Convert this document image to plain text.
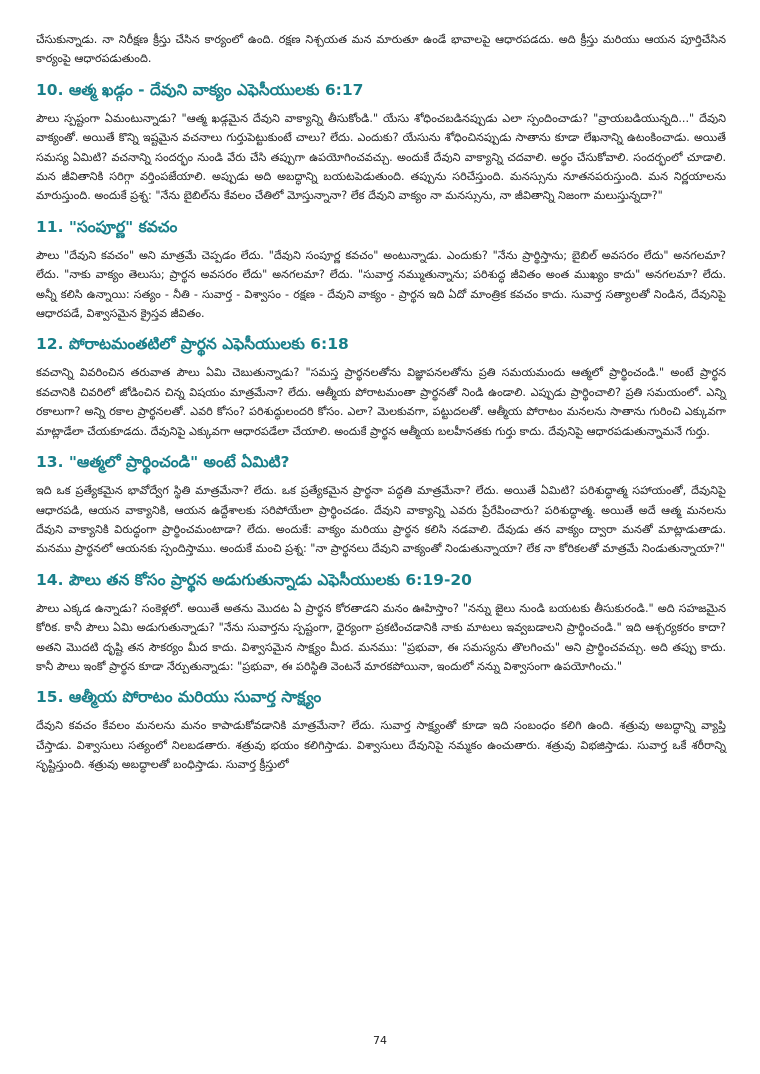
చేసుకున్నాడు. నా నిరీక్షణ క్రీస్తు చేసిన కార్యంలో ఉంది. రక్షణ నిశ్చయత మన మారుతూ ఉండే భావాలపై ఆధారపడదు. అది క్రీస్తు మరియు ఆయన పూర్తిచేసిన కార్యంపై ఆధారపడుతుంది.

10. ఆత్మ ఖడ్గం - దేవుని వాక్యం ఎఫెసీయులకు 6:17

పౌలు స్పష్టంగా ఏమంటున్నాడు? "ఆత్మ ఖడ్గమైన దేవుని వాక్యాన్ని తీసుకోండి." యేసు శోధించబడినప్పుడు ఎలా స్పందించాడు? "వ్రాయబడియున్నది..." దేవుని వాక్యంతో. అయితే కొన్ని ఇష్టమైన వచనాలు గుర్తుపెట్టుకుంటే చాలు? లేదు. ఎందుకు? యేసును శోధించినప్పుడు సాతాను కూడా లేఖనాన్ని ఉటంకించాడు. అయితే సమస్య ఏమిటి? వచనాన్ని సందర్భం నుండి వేరు చేసి తప్పుగా ఉపయోగించవచ్చు. అందుకే దేవుని వాక్యాన్ని చదవాలి. అర్థం చేసుకోవాలి. సందర్భంలో చూడాలి. మన జీవితానికి సరిగ్గా వర్తింపజేయాలి. అప్పుడు అది అబద్ధాన్ని బయటపెడుతుంది. తప్పును సరిచేస్తుంది. మనస్సును నూతనపరుస్తుంది. మన నిర్ణయాలను మారుస్తుంది. అందుకే ప్రశ్న: "నేను బైబిల్‌ను కేవలం చేతిలో మోస్తున్నానా? లేక దేవుని వాక్యం నా మనస్సును, నా జీవితాన్ని నిజంగా మలుస్తున్నదా?"

11. "సంపూర్ణ" కవచం

పౌలు "దేవుని కవచం" అని మాత్రమే చెప్పడం లేదు. "దేవుని సంపూర్ణ కవచం" అంటున్నాడు. ఎందుకు? "నేను ప్రార్థిస్తాను; బైబిల్ అవసరం లేదు" అనగలమా? లేదు. "నాకు వాక్యం తెలుసు; ప్రార్థన అవసరం లేదు" అనగలమా? లేదు. "సువార్త నమ్ముతున్నాను; పరిశుద్ధ జీవితం అంత ముఖ్యం కాదు" అనగలమా? లేదు. అన్నీ కలిసి ఉన్నాయి: సత్యం - నీతి - సువార్త - విశ్వాసం - రక్షణ - దేవుని వాక్యం - ప్రార్థన ఇది ఏదో మాంత్రిక కవచం కాదు. సువార్త సత్యాలతో నిండిన, దేవునిపై ఆధారపడే, విశ్వాసమైన క్రైస్తవ జీవితం.

12. పోరాటమంతటిలో ప్రార్థన ఎఫెసీయులకు 6:18

కవచాన్ని వివరించిన తరువాత పౌలు ఏమి చెబుతున్నాడు? "సమస్త ప్రార్థనలతోను విజ్ఞాపనలతోను ప్రతి సమయమందు ఆత్మలో ప్రార్థించండి." అంటే ప్రార్థన కవచానికి చివరిలో జోడించిన చిన్న విషయం మాత్రమేనా? లేదు. ఆత్మీయ పోరాటమంతా ప్రార్థనతో నిండి ఉండాలి. ఎప్పుడు ప్రార్థించాలి? ప్రతి సమయంలో. ఎన్ని రకాలుగా? అన్ని రకాల ప్రార్థనలతో. ఎవరి కోసం? పరిశుద్ధులందరి కోసం. ఎలా? మెలకువగా, పట్టుదలతో. ఆత్మీయ పోరాటం మనలను సాతాను గురించి ఎక్కువగా మాట్లాడేలా చేయకూడదు. దేవునిపై ఎక్కువగా ఆధారపడేలా చేయాలి. అందుకే ప్రార్థన ఆత్మీయ బలహీనతకు గుర్తు కాదు. దేవునిపై ఆధారపడుతున్నామనే గుర్తు.

13. "ఆత్మలో ప్రార్థించండి" అంటే ఏమిటి?

ఇది ఒక ప్రత్యేకమైన భావోద్వేగ స్థితి మాత్రమేనా? లేదు. ఒక ప్రత్యేకమైన ప్రార్థనా పద్ధతి మాత్రమేనా? లేదు. అయితే ఏమిటి? పరిశుద్ధాత్మ సహాయంతో, దేవునిపై ఆధారపడి, ఆయన వాక్యానికి, ఆయన ఉద్దేశాలకు సరిపోయేలా ప్రార్థించడం. దేవుని వాక్యాన్ని ఎవరు ప్రేరేపించారు? పరిశుద్ధాత్మ. అయితే అదే ఆత్మ మనలను దేవుని వాక్యానికి విరుద్ధంగా ప్రార్థించమంటాడా? లేదు. అందుకే: వాక్యం మరియు ప్రార్థన కలిసి నడవాలి. దేవుడు తన వాక్యం ద్వారా మనతో మాట్లాడుతాడు. మనము ప్రార్థనలో ఆయనకు స్పందిస్తాము. అందుకే మంచి ప్రశ్న: "నా ప్రార్థనలు దేవుని వాక్యంతో నిండుతున్నాయా? లేక నా కోరికలతో మాత్రమే నిండుతున్నాయా?"

14. పౌలు తన కోసం ప్రార్థన అడుగుతున్నాడు ఎఫెసీయులకు 6:19-20

పౌలు ఎక్కడ ఉన్నాడు? సంకెళ్లలో. అయితే అతను మొదట ఏ ప్రార్థన కోరతాడని మనం ఊహిస్తాం? "నన్ను జైలు నుండి బయటకు తీసుకురండి." అది సహజమైన కోరిక. కానీ పౌలు ఏమి అడుగుతున్నాడు? "నేను సువార్తను స్పష్టంగా, ధైర్యంగా ప్రకటించడానికి నాకు మాటలు ఇవ్వబడాలని ప్రార్థించండి." ఇది ఆశ్చర్యకరం కాదా? అతని మొదటి దృష్టి తన సౌకర్యం మీద కాదు. విశ్వాసమైన సాక్ష్యం మీద. మనము: "ప్రభువా, ఈ సమస్యను తొలగించు" అని ప్రార్థించవచ్చు. అది తప్పు కాదు. కానీ పౌలు ఇంకో ప్రార్థన కూడా నేర్పుతున్నాడు: "ప్రభువా, ఈ పరిస్థితి వెంటనే మారకపోయినా, ఇందులో నన్ను విశ్వాసంగా ఉపయోగించు."

15. ఆత్మీయ పోరాటం మరియు సువార్త సాక్ష్యం

దేవుని కవచం కేవలం మనలను మనం కాపాడుకోవడానికి మాత్రమేనా? లేదు. సువార్త సాక్ష్యంతో కూడా ఇది సంబంధం కలిగి ఉంది. శత్రువు అబద్ధాన్ని వ్యాప్తి చేస్తాడు. విశ్వాసులు సత్యంలో నిలబడతారు. శత్రువు భయం కలిగిస్తాడు. విశ్వాసులు దేవునిపై నమ్మకం ఉంచుతారు. శత్రువు విభజిస్తాడు. సువార్త ఒకే శరీరాన్ని సృష్టిస్తుంది. శత్రువు అబద్ధాలతో బంధిస్తాడు. సువార్త క్రీస్తులో

74
